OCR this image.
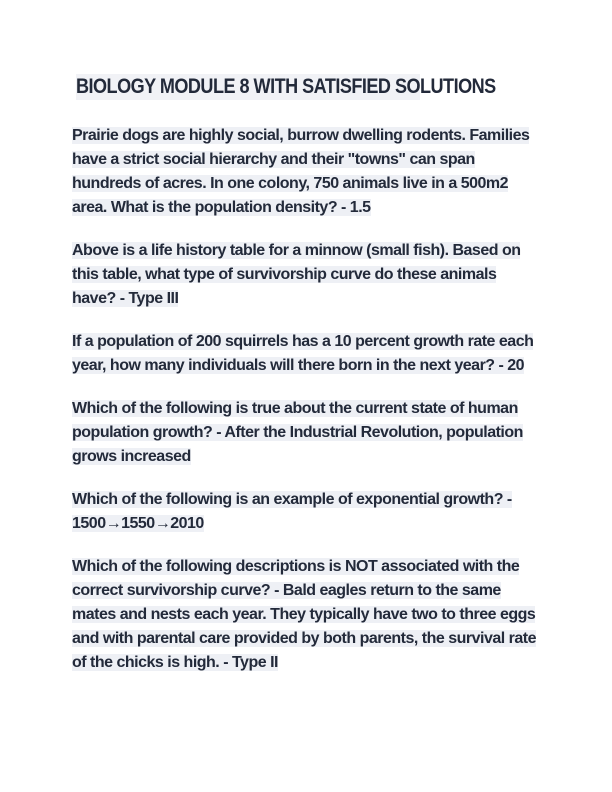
BIOLOGY MODULE 8 WITH SATISFIED SOLUTIONS

Prairie dogs are highly social, burrow dwelling rodents. Families have a strict social hierarchy and their "towns" can span hundreds of acres. In one colony, 750 animals live in a 500m2 area. What is the population density? - 1.5

Above is a life history table for a minnow (small fish). Based on this table, what type of survivorship curve do these animals have? - Type III

If a population of 200 squirrels has a 10 percent growth rate each year, how many individuals will there born in the next year? - 20

Which of the following is true about the current state of human population growth? - After the Industrial Revolution, population grows increased

Which of the following is an example of exponential growth? - 1500→1550→2010

Which of the following descriptions is NOT associated with the correct survivorship curve? - Bald eagles return to the same mates and nests each year. They typically have two to three eggs and with parental care provided by both parents, the survival rate of the chicks is high. - Type II
